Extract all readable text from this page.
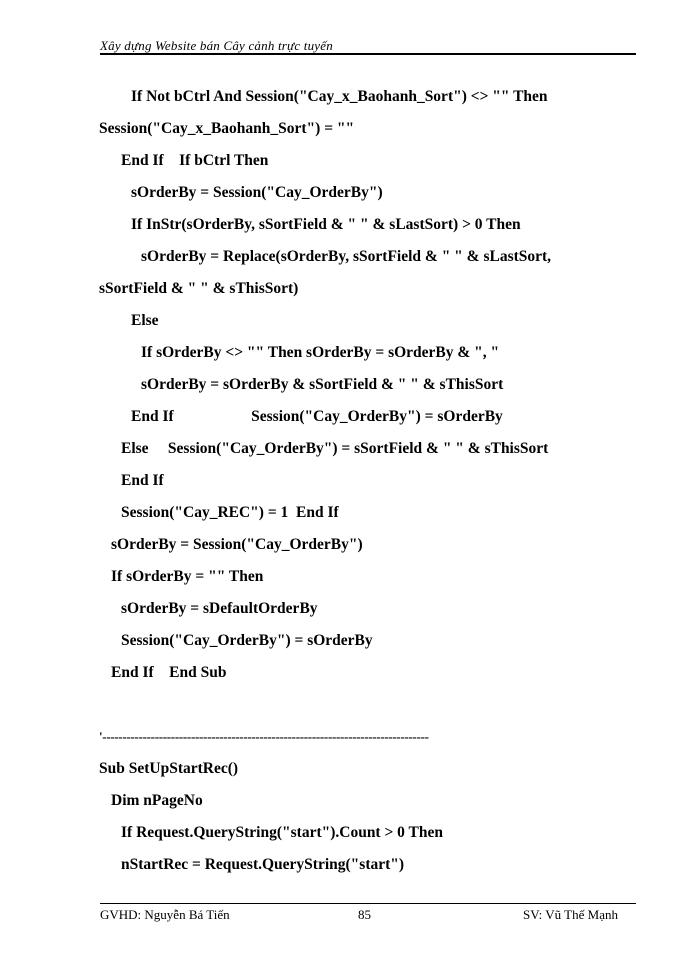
Xây dựng Website bán Cây cảnh trực tuyến
If Not bCtrl And Session("Cay_x_Baohanh_Sort") <> "" Then
Session("Cay_x_Baohanh_Sort") = ""
End If    If bCtrl Then
sOrderBy = Session("Cay_OrderBy")
If InStr(sOrderBy, sSortField & " " & sLastSort) > 0 Then
sOrderBy = Replace(sOrderBy, sSortField & " " & sLastSort,
sSortField & " " & sThisSort)
Else
If sOrderBy <> "" Then sOrderBy = sOrderBy & ", "
sOrderBy = sOrderBy & sSortField & " " & sThisSort
End If                    Session("Cay_OrderBy") = sOrderBy
Else     Session("Cay_OrderBy") = sSortField & " " & sThisSort
End If
Session("Cay_REC") = 1  End If
sOrderBy = Session("Cay_OrderBy")
If sOrderBy = "" Then
sOrderBy = sDefaultOrderBy
Session("Cay_OrderBy") = sOrderBy
End If    End Sub
'---------------------------------------------------------------------------------
Sub SetUpStartRec()
Dim nPageNo
If Request.QueryString("start").Count > 0 Then
nStartRec = Request.QueryString("start")
GVHD: Nguyễn Bá Tiến	85	SV: Vũ Thế Mạnh
